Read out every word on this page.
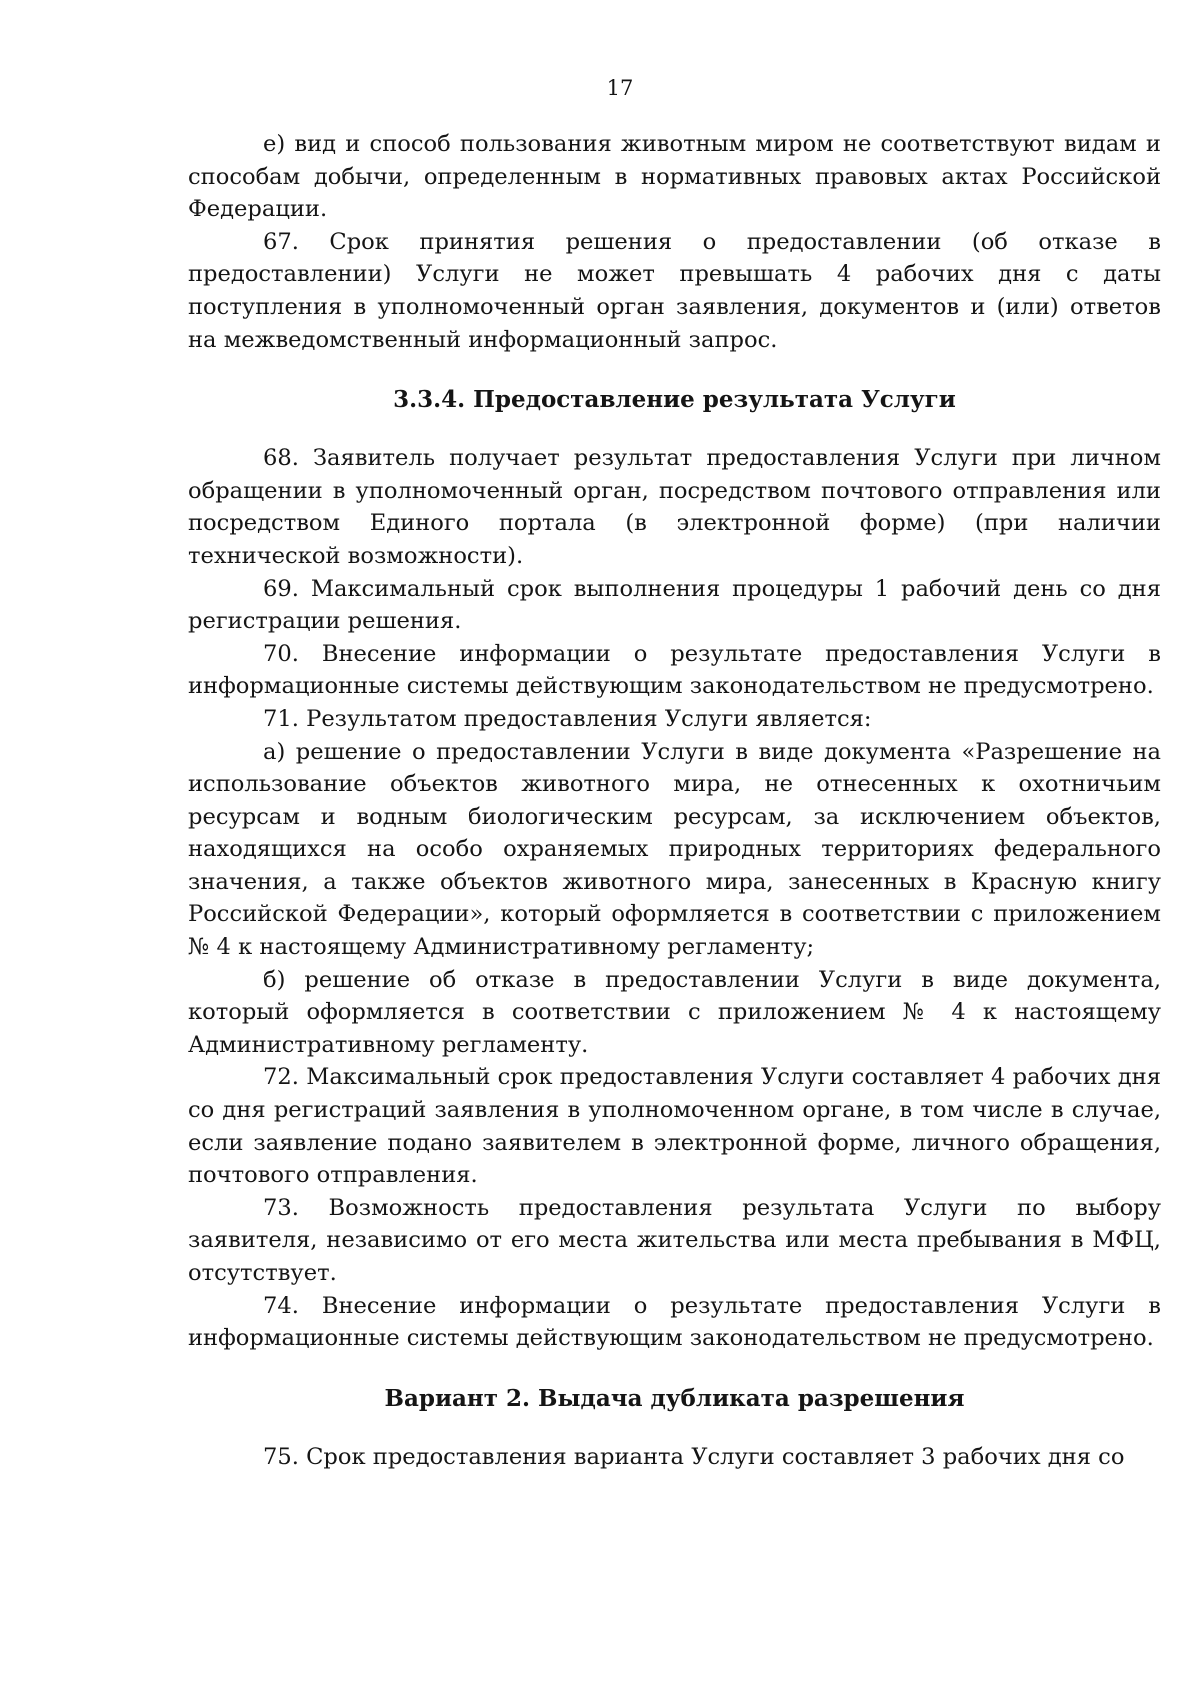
17

е) вид и способ пользования животным миром не соответствуют видам и способам добычи, определенным в нормативных правовых актах Российской Федерации.

67. Срок принятия решения о предоставлении (об отказе в предоставлении) Услуги не может превышать 4 рабочих дня с даты поступления в уполномоченный орган заявления, документов и (или) ответов на межведомственный информационный запрос.

3.3.4. Предоставление результата Услуги

68. Заявитель получает результат предоставления Услуги при личном обращении в уполномоченный орган, посредством почтового отправления или посредством Единого портала (в электронной форме) (при наличии технической возможности).

69. Максимальный срок выполнения процедуры 1 рабочий день со дня регистрации решения.

70. Внесение информации о результате предоставления Услуги в информационные системы действующим законодательством не предусмотрено.

71. Результатом предоставления Услуги является:

а) решение о предоставлении Услуги в виде документа «Разрешение на использование объектов животного мира, не отнесенных к охотничьим ресурсам и водным биологическим ресурсам, за исключением объектов, находящихся на особо охраняемых природных территориях федерального значения, а также объектов животного мира, занесенных в Красную книгу Российской Федерации», который оформляется в соответствии с приложением № 4 к настоящему Административному регламенту;

б) решение об отказе в предоставлении Услуги в виде документа, который оформляется в соответствии с приложением № 4 к настоящему Административному регламенту.

72. Максимальный срок предоставления Услуги составляет 4 рабочих дня со дня регистраций заявления в уполномоченном органе, в том числе в случае, если заявление подано заявителем в электронной форме, личного обращения, почтового отправления.

73. Возможность предоставления результата Услуги по выбору заявителя, независимо от его места жительства или места пребывания в МФЦ, отсутствует.

74. Внесение информации о результате предоставления Услуги в информационные системы действующим законодательством не предусмотрено.

Вариант 2. Выдача дубликата разрешения

75. Срок предоставления варианта Услуги составляет 3 рабочих дня со
